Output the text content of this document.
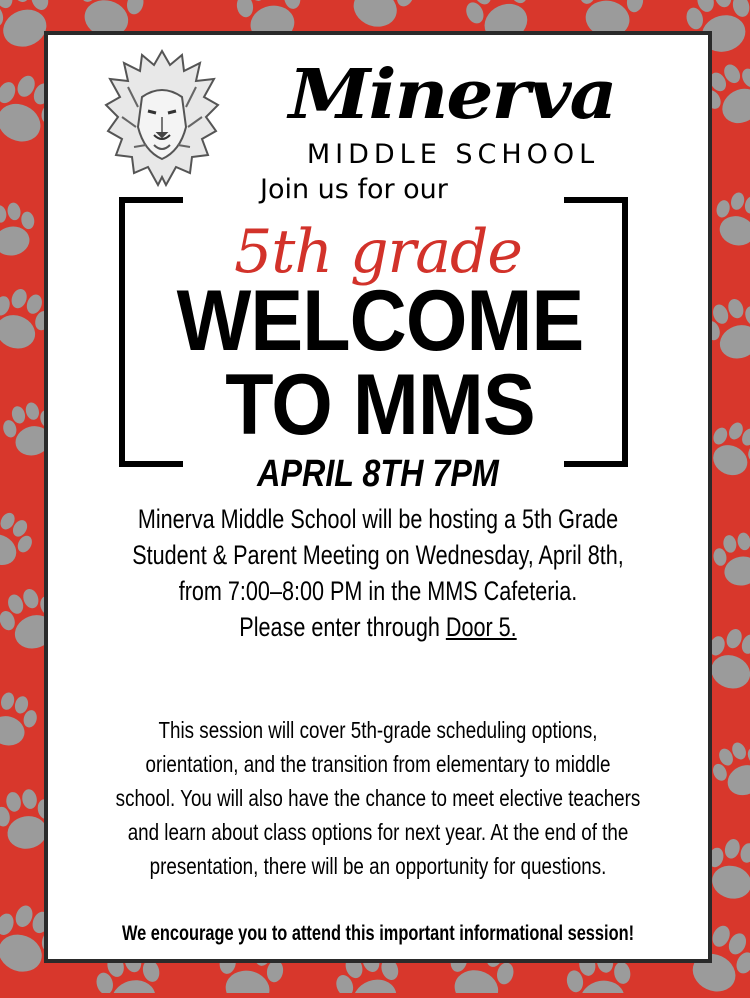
Minerva
MIDDLE SCHOOL
Join us for our
5th grade
WELCOME
TO MMS
APRIL 8TH 7PM
Minerva Middle School will be hosting a 5th Grade
Student & Parent Meeting on Wednesday, April 8th,
from 7:00–8:00 PM in the MMS Cafeteria.
Please enter through Door 5.
This session will cover 5th-grade scheduling options,
orientation, and the transition from elementary to middle
school. You will also have the chance to meet elective teachers
and learn about class options for next year. At the end of the
presentation, there will be an opportunity for questions.
We encourage you to attend this important informational session!
